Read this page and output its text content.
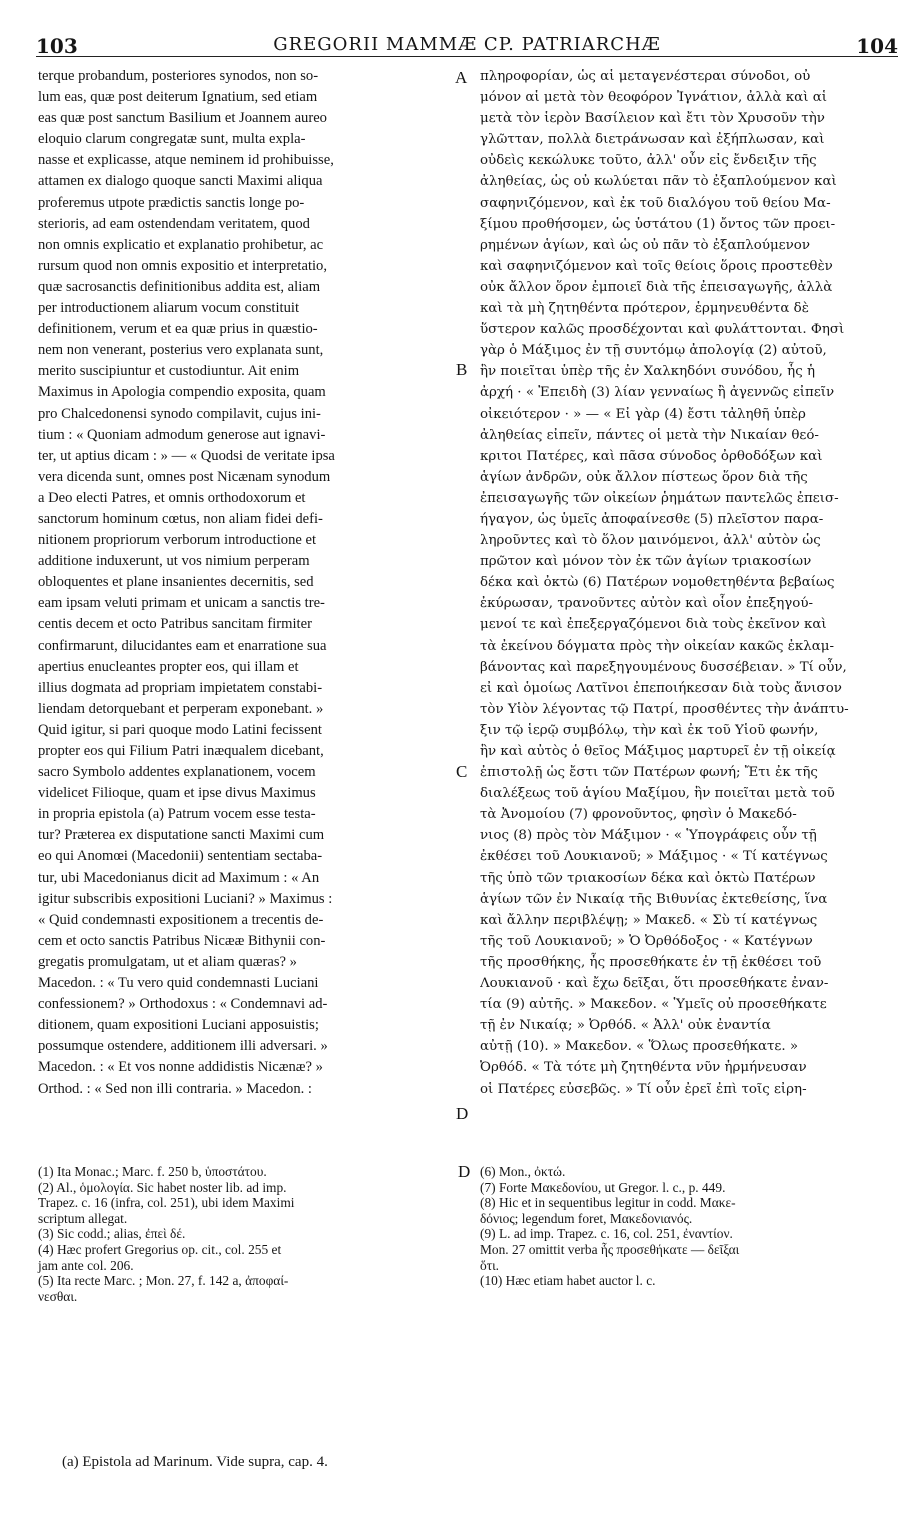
103	GREGORII MAMMÆ CP. PATRIARCHÆ	104
terque probandum, posteriores synodos, non so-
lum eas, quæ post deiterum Ignatium, sed etiam
eas quæ post sanctum Basilium et Joannem aureo
eloquio clarum congregatæ sunt, multa expla-
nasse et explicasse, atque neminem id prohibuisse,
attamen ex dialogo quoque sancti Maximi aliqua
proferemus utpote prædictis sanctis longe po-
sterioris, ad eam ostendendam veritatem, quod
non omnis explicatio et explanatio prohibetur, ac
rursum quod non omnis expositio et interpretatio,
quæ sacrosanctis definitionibus addita est, aliam
per introductionem aliarum vocum constituit
definitionem, verum et ea quæ prius in quæstio-
nem non venerant, posterius vero explanata sunt,
merito suscipiuntur et custodiuntur. Ait enim
Maximus in Apologia compendio exposita, quam
pro Chalcedonensi synodo compilavit, cujus ini-
tium : « Quoniam admodum generose aut ignavi-
ter, ut aptius dicam : » — « Quodsi de veritate ipsa
vera dicenda sunt, omnes post Nicænam synodum
a Deo electi Patres, et omnis orthodoxorum et
sanctorum hominum cœtus, non aliam fidei defi-
nitionem propriorum verborum introductione et
additione induxerunt, ut vos nimium perperam
obloquentes et plane insanientes decernitis, sed
eam ipsam veluti primam et unicam a sanctis tre-
centis decem et octo Patribus sancitam firmiter
confirmarunt, dilucidantes eam et enarratione sua
apertius enucleantes propter eos, qui illam et
illius dogmata ad propriam impietatem constabi-
liendam detorquebant et perperam exponebant. »
Quid igitur, si pari quoque modo Latini fecissent
propter eos qui Filium Patri inæqualem dicebant,
sacro Symbolo addentes explanationem, vocem
videlicet Filioque, quam et ipse divus Maximus
in propria epistola (a) Patrum vocem esse testa-
tur? Præterea ex disputatione sancti Maximi cum
eo qui Anomœi (Macedonii) sententiam sectaba-
tur, ubi Macedonianus dicit ad Maximum : « An
igitur subscribis expositioni Luciani? » Maximus :
« Quid condemnasti expositionem a trecentis de-
cem et octo sanctis Patribus Nicææ Bithynii con-
gregatis promulgatam, ut et aliam quæras? »
Macedon. : « Tu vero quid condemnasti Luciani
confessionem? » Orthodoxus : « Condemnavi ad-
ditionem, quam expositioni Luciani apposuistis;
possumque ostendere, additionem illi adversari. »
Macedon. : « Et vos nonne addidistis Nicænæ? »
Orthod. : « Sed non illi contraria. » Macedon. :
πληροφορίαν, ὡς αἱ μεταγενέστεραι σύνοδοι, οὐ
μόνον αἱ μετὰ τὸν θεοφόρον Ἰγνάτιον, ἀλλὰ καὶ αἱ
μετὰ τὸν ἱερὸν Βασίλειον καὶ ἔτι τὸν Χρυσοῦν τὴν
γλῶτταν, πολλὰ διετράνωσαν καὶ ἐξήπλωσαν, καὶ
οὐδεὶς κεκώλυκε τοῦτο, ἀλλ' οὖν εἰς ἔνδειξιν τῆς
ἀληθείας, ὡς οὐ κωλύεται πᾶν τὸ ἐξαπλούμενον καὶ
σαφηνιζόμενον, καὶ ἐκ τοῦ διαλόγου τοῦ θείου Μα-
ξίμου προθήσομεν, ὡς ὑστάτου (1) ὄντος τῶν προει-
ρημένων ἁγίων, καὶ ὡς οὐ πᾶν τὸ ἐξαπλούμενον
καὶ σαφηνιζόμενον καὶ τοῖς θείοις ὅροις προστεθὲν
οὐκ ἄλλον ὅρον ἐμποιεῖ διὰ τῆς ἐπεισαγωγῆς, ἀλλὰ
καὶ τὰ μὴ ζητηθέντα πρότερον, ἑρμηνευθέντα δὲ
ὕστερον καλῶς προσδέχονται καὶ φυλάττονται. Φησὶ
γὰρ ὁ Μάξιμος ἐν τῇ συντόμῳ ἀπολογίᾳ (2) αὐτοῦ,
ἣν ποιεῖται ὑπὲρ τῆς ἐν Χαλκηδόνι συνόδου, ἧς ἡ
ἀρχή · « Ἐπειδὴ (3) λίαν γενναίως ἢ ἀγεννῶς εἰπεῖν
οἰκειότερον · » — « Εἰ γὰρ (4) ἔστι τἀληθῆ ὑπὲρ
ἀληθείας εἰπεῖν, πάντες οἱ μετὰ τὴν Νικαίαν θεό-
κριτοι Πατέρες, καὶ πᾶσα σύνοδος ὀρθοδόξων καὶ
ἁγίων ἀνδρῶν, οὐκ ἄλλον πίστεως ὅρον διὰ τῆς
ἐπεισαγωγῆς τῶν οἰκείων ῥημάτων παντελῶς ἐπεισ-
ήγαγον, ὡς ὑμεῖς ἀποφαίνεσθε (5) πλεῖστον παρα-
ληροῦντες καὶ τὸ ὅλον μαινόμενοι, ἀλλ' αὐτὸν ὡς
πρῶτον καὶ μόνον τὸν ἐκ τῶν ἁγίων τριακοσίων
δέκα καὶ ὀκτὼ (6) Πατέρων νομοθετηθέντα βεβαίως
ἐκύρωσαν, τρανοῦντες αὐτὸν καὶ οἷον ἐπεξηγού-
μενοί τε καὶ ἐπεξεργαζόμενοι διὰ τοὺς ἐκεῖνον καὶ
τὰ ἐκείνου δόγματα πρὸς τὴν οἰκείαν κακῶς ἐκλαμ-
βάνοντας καὶ παρεξηγουμένους δυσσέβειαν. » Τί οὖν,
εἰ καὶ ὁμοίως Λατῖνοι ἐπεποιήκεσαν διὰ τοὺς ἄνισον
τὸν Υἱὸν λέγοντας τῷ Πατρί, προσθέντες τὴν ἀνάπτυ-
ξιν τῷ ἱερῷ συμβόλῳ, τὴν καὶ ἐκ τοῦ Υἱοῦ φωνήν,
ἣν καὶ αὐτὸς ὁ θεῖος Μάξιμος μαρτυρεῖ ἐν τῇ οἰκείᾳ
ἐπιστολῇ ὡς ἔστι τῶν Πατέρων φωνή; Ἔτι ἐκ τῆς
διαλέξεως τοῦ ἁγίου Μαξίμου, ἣν ποιεῖται μετὰ τοῦ
τὰ Ἀνομοίου (7) φρονοῦντος, φησὶν ὁ Μακεδό-
νιος (8) πρὸς τὸν Μάξιμον · « Ὑπογράφεις οὖν τῇ
ἐκθέσει τοῦ Λουκιανοῦ; » Μάξιμος · « Τί κατέγνως
τῆς ὑπὸ τῶν τριακοσίων δέκα καὶ ὀκτὼ Πατέρων
ἁγίων τῶν ἐν Νικαίᾳ τῆς Βιθυνίας ἐκτεθείσης, ἵνα
καὶ ἄλλην περιβλέψῃ; » Μακεδ. « Σὺ τί κατέγνως
τῆς τοῦ Λουκιανοῦ; » Ὁ Ὀρθόδοξος · « Κατέγνων
τῆς προσθήκης, ἧς προσεθήκατε ἐν τῇ ἐκθέσει τοῦ
Λουκιανοῦ · καὶ ἔχω δεῖξαι, ὅτι προσεθήκατε ἐναν-
τία (9) αὐτῆς. » Μακεδον. « Ὑμεῖς οὐ προσεθήκατε
τῇ ἐν Νικαίᾳ; » Ὀρθόδ. « Ἀλλ' οὐκ ἐναντία
αὐτῇ (10). » Μακεδον. « Ὅλως προσεθήκατε. »
Ὀρθόδ. « Τὰ τότε μὴ ζητηθέντα νῦν ἡρμήνευσαν
οἱ Πατέρες εὐσεβῶς. » Τί οὖν ἐρεῖ ἐπὶ τοῖς εἰρη-
A
B
C
D
D
(1) Ita Monac.; Marc. f. 250 b, ὑποστάτου.
(2) Al., ὁμολογία. Sic habet noster lib. ad imp.
Trapez. c. 16 (infra, col. 251), ubi idem Maximi
scriptum allegat.
(3) Sic codd.; alias, ἐπεὶ δέ.
(4) Hæc profert Gregorius op. cit., col. 255 et
jam ante col. 206.
(5) Ita recte Marc. ; Mon. 27, f. 142 a, ἀποφαί-
νεσθαι.
(6) Mon., ὀκτώ.
(7) Forte Μακεδονίου, ut Gregor. l. c., p. 449.
(8) Hic et in sequentibus legitur in codd. Μακε-
δόνιος; legendum foret, Μακεδονιανός.
(9) L. ad imp. Trapez. c. 16, col. 251, ἐναντίον.
Mon. 27 omittit verba ἧς προσεθήκατε — δεῖξαι
ὅτι.
(10) Hæc etiam habet auctor l. c.
(a) Epistola ad Marinum. Vide supra, cap. 4.
